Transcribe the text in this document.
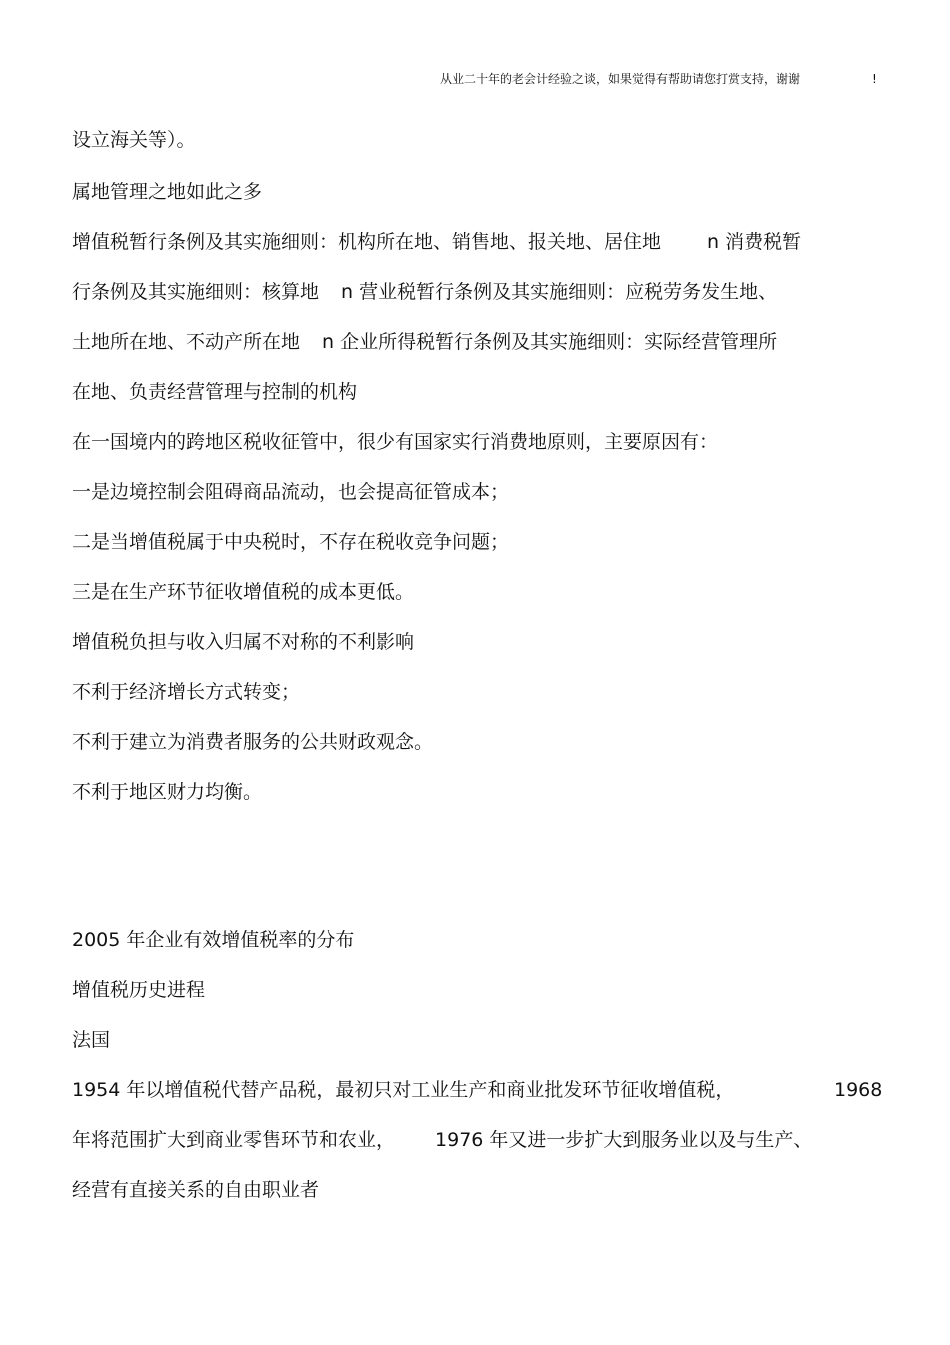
从业二十年的老会计经验之谈，如果觉得有帮助请您打赏支持，谢谢	!
设立海关等）。
属地管理之地如此之多
增值税暂行条例及其实施细则：机构所在地、销售地、报关地、居住地 n 消费税暂
行条例及其实施细则：核算地 n 营业税暂行条例及其实施细则：应税劳务发生地、
土地所在地、不动产所在地 n 企业所得税暂行条例及其实施细则：实际经营管理所
在地、负责经营管理与控制的机构
在一国境内的跨地区税收征管中，很少有国家实行消费地原则，主要原因有：
一是边境控制会阻碍商品流动，也会提高征管成本；
二是当增值税属于中央税时，不存在税收竞争问题；
三是在生产环节征收增值税的成本更低。
增值税负担与收入归属不对称的不利影响
不利于经济增长方式转变；
不利于建立为消费者服务的公共财政观念。
不利于地区财力均衡。
2005 年企业有效增值税率的分布
增值税历史进程
法国
1954 年以增值税代替产品税，最初只对工业生产和商业批发环节征收增值税，	1968
年将范围扩大到商业零售环节和农业， 1976 年又进一步扩大到服务业以及与生产、
经营有直接关系的自由职业者
